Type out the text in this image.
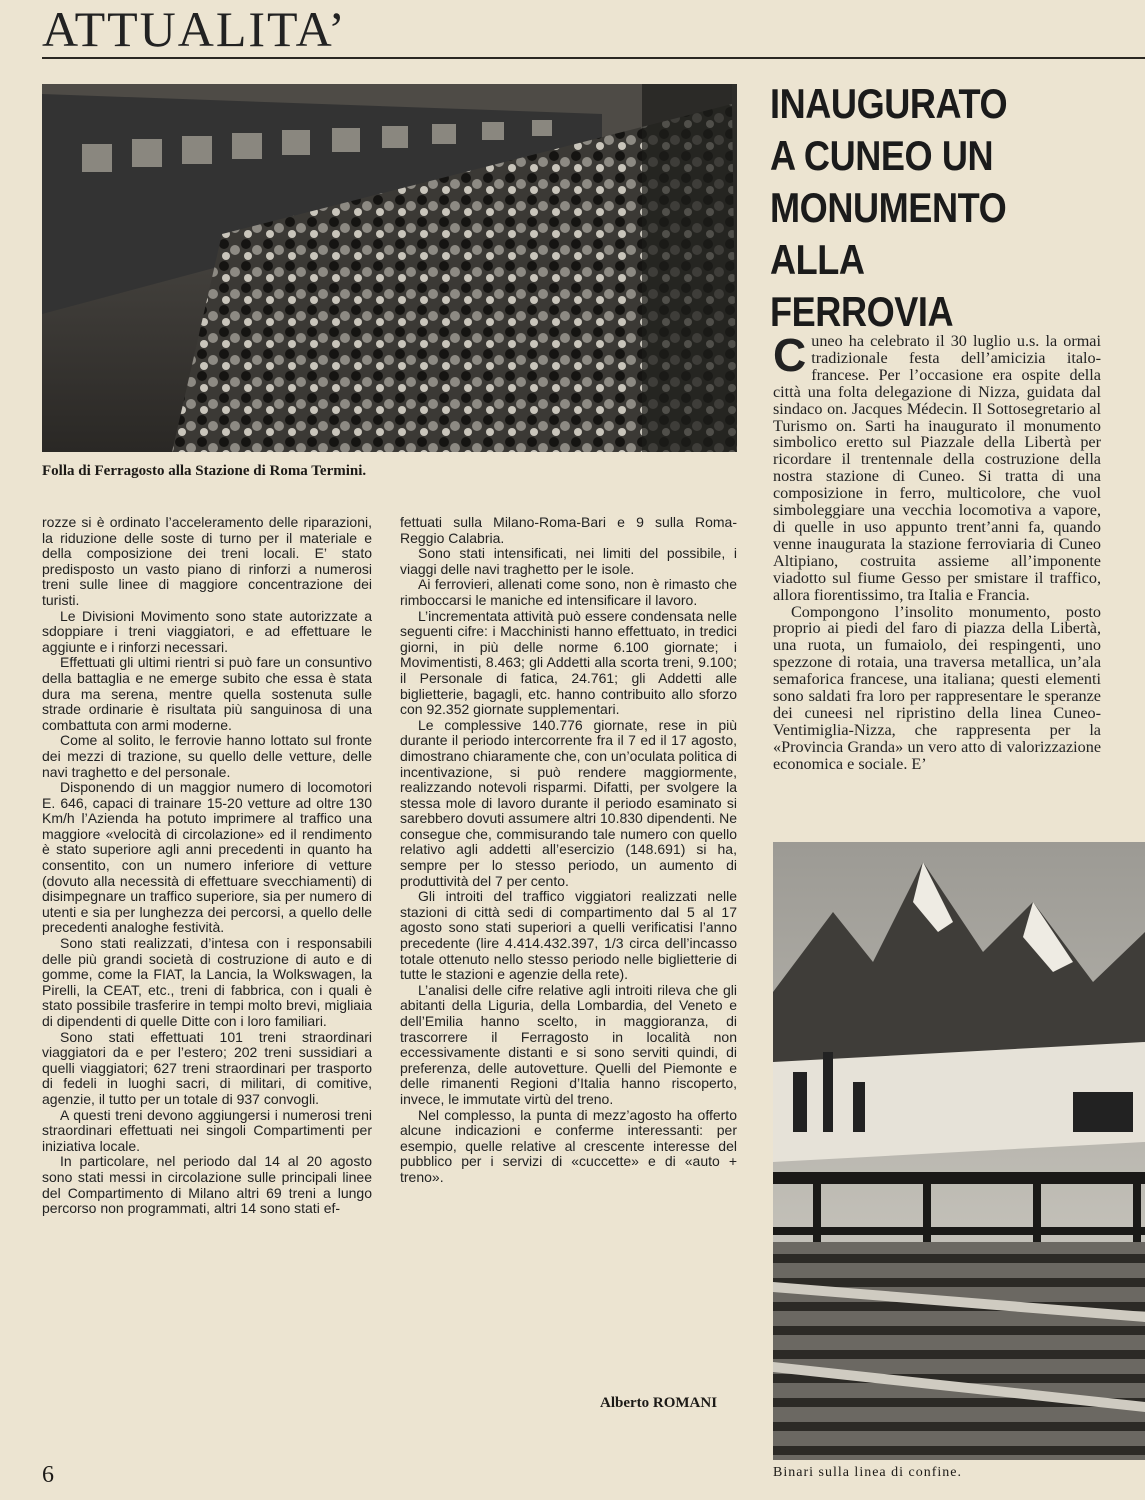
ATTUALITA’
Folla di Ferragosto alla Stazione di Roma Termini.
INAUGURATO
A CUNEO UN
MONUMENTO ALLA
FERROVIA

Cuneo ha celebrato il 30 luglio u.s. la ormai tradizionale festa dell’amicizia italo-francese. Per l’occasione era ospite della città una folta delegazione di Nizza, guidata dal sindaco on. Jacques Médecin. Il Sottosegretario al Turismo on. Sarti ha inaugurato il monumento simbolico eretto sul Piazzale della Libertà per ricordare il trentennale della costruzione della nostra stazione di Cuneo. Si tratta di una composizione in ferro, multicolore, che vuol simboleggiare una vecchia locomotiva a vapore, di quelle in uso appunto trent’anni fa, quando venne inaugurata la stazione ferroviaria di Cuneo Altipiano, costruita assieme all’imponente viadotto sul fiume Gesso per smistare il traffico, allora fiorentissimo, tra Italia e Francia.

Compongono l’insolito monumento, posto proprio ai piedi del faro di piazza della Libertà, una ruota, un fumaiolo, dei respingenti, uno spezzone di rotaia, una traversa metallica, un’ala semaforica francese, una italiana; questi elementi sono saldati fra loro per rappresentare le speranze dei cuneesi nel ripristino della linea Cuneo-Ventimiglia-Nizza, che rappresenta per la «Provincia Granda» un vero atto di valorizzazione economica e sociale. E’

rozze si è ordinato l’acceleramento delle riparazioni, la riduzione delle soste di turno per il materiale e della composizione dei treni locali. E’ stato predisposto un vasto piano di rinforzi a numerosi treni sulle linee di maggiore concentrazione dei turisti.

Le Divisioni Movimento sono state autorizzate a sdoppiare i treni viaggiatori, e ad effettuare le aggiunte e i rinforzi necessari.

Effettuati gli ultimi rientri si può fare un consuntivo della battaglia e ne emerge subito che essa è stata dura ma serena, mentre quella sostenuta sulle strade ordinarie è risultata più sanguinosa di una combattuta con armi moderne.

Come al solito, le ferrovie hanno lottato sul fronte dei mezzi di trazione, su quello delle vetture, delle navi traghetto e del personale.

Disponendo di un maggior numero di locomotori E. 646, capaci di trainare 15-20 vetture ad oltre 130 Km/h l’Azienda ha potuto imprimere al traffico una maggiore «velocità di circolazione» ed il rendimento è stato superiore agli anni precedenti in quanto ha consentito, con un numero inferiore di vetture (dovuto alla necessità di effettuare svecchiamenti) di disimpegnare un traffico superiore, sia per numero di utenti e sia per lunghezza dei percorsi, a quello delle precedenti analoghe festività.

Sono stati realizzati, d’intesa con i responsabili delle più grandi società di costruzione di auto e di gomme, come la FIAT, la Lancia, la Wolkswagen, la Pirelli, la CEAT, etc., treni di fabbrica, con i quali è stato possibile trasferire in tempi molto brevi, migliaia di dipendenti di quelle Ditte con i loro familiari.

Sono stati effettuati 101 treni straordinari viaggiatori da e per l’estero; 202 treni sussidiari a quelli viaggiatori; 627 treni straordinari per trasporto di fedeli in luoghi sacri, di militari, di comitive, agenzie, il tutto per un totale di 937 convogli.

A questi treni devono aggiungersi i numerosi treni straordinari effettuati nei singoli Compartimenti per iniziativa locale.

In particolare, nel periodo dal 14 al 20 agosto sono stati messi in circolazione sulle principali linee del Compartimento di Milano altri 69 treni a lungo percorso non programmati, altri 14 sono stati ef-

fettuati sulla Milano-Roma-Bari e 9 sulla Roma-Reggio Calabria.

Sono stati intensificati, nei limiti del possibile, i viaggi delle navi traghetto per le isole.

Ai ferrovieri, allenati come sono, non è rimasto che rimboccarsi le maniche ed intensificare il lavoro.

L’incrementata attività può essere condensata nelle seguenti cifre: i Macchinisti hanno effettuato, in tredici giorni, in più delle norme 6.100 giornate; i Movimentisti, 8.463; gli Addetti alla scorta treni, 9.100; il Personale di fatica, 24.761; gli Addetti alle biglietterie, bagagli, etc. hanno contribuito allo sforzo con 92.352 giornate supplementari.

Le complessive 140.776 giornate, rese in più durante il periodo intercorrente fra il 7 ed il 17 agosto, dimostrano chiaramente che, con un’oculata politica di incentivazione, si può rendere maggiormente, realizzando notevoli risparmi. Difatti, per svolgere la stessa mole di lavoro durante il periodo esaminato si sarebbero dovuti assumere altri 10.830 dipendenti. Ne consegue che, commisurando tale numero con quello relativo agli addetti all’esercizio (148.691) si ha, sempre per lo stesso periodo, un aumento di produttività del 7 per cento.

Gli introiti del traffico viggiatori realizzati nelle stazioni di città sedi di compartimento dal 5 al 17 agosto sono stati superiori a quelli verificatisi l’anno precedente (lire 4.414.432.397, 1/3 circa dell’incasso totale ottenuto nello stesso periodo nelle biglietterie di tutte le stazioni e agenzie della rete).

L’analisi delle cifre relative agli introiti rileva che gli abitanti della Liguria, della Lombardia, del Veneto e dell’Emilia hanno scelto, in maggioranza, di trascorrere il Ferragosto in località non eccessivamente distanti e si sono serviti quindi, di preferenza, delle autovetture. Quelli del Piemonte e delle rimanenti Regioni d’Italia hanno riscoperto, invece, le immutate virtù del treno.

Nel complesso, la punta di mezz’agosto ha offerto alcune indicazioni e conferme interessanti: per esempio, quelle relative al crescente interesse del pubblico per i servizi di «cuccette» e di «auto + treno».

Alberto ROMANI
Binari sulla linea di confine.
6
